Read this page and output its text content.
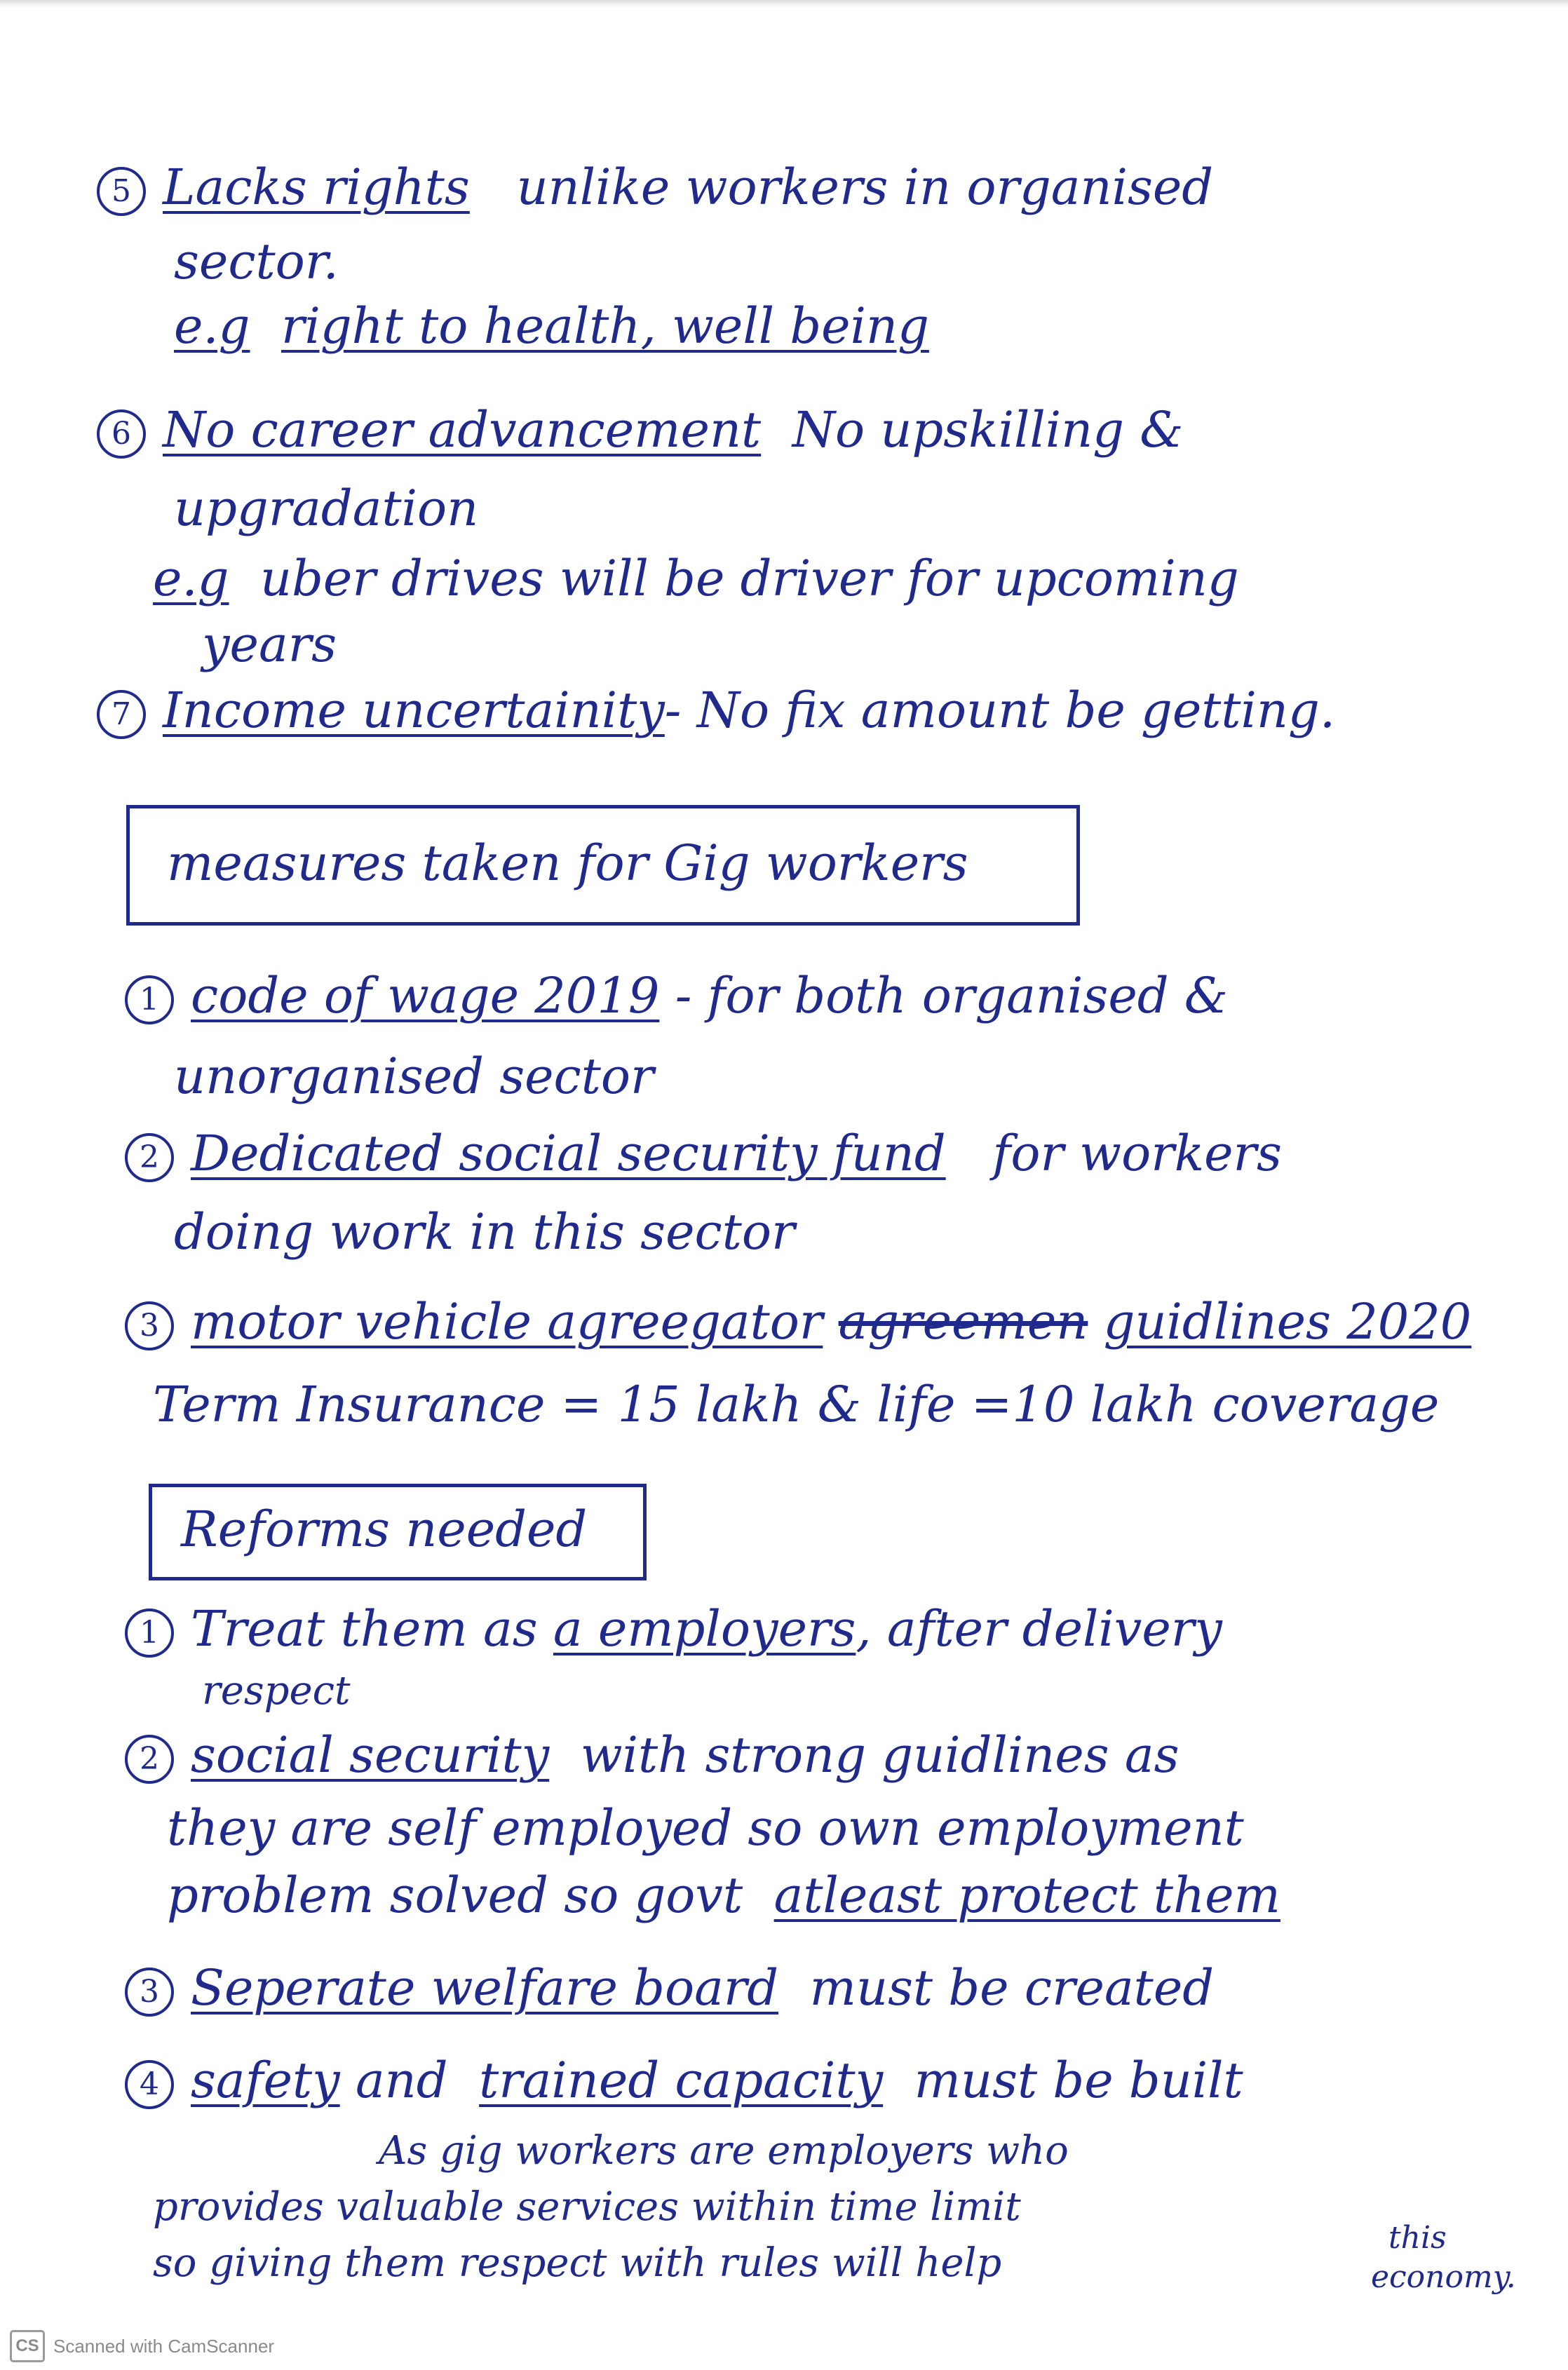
5 Lacks rights unlike workers in organised
sector.
e.g right to health, well being
6 No career advancement No upskilling &
upgradation
e.g uber drives will be driver for upcoming
years
7 Income uncertainity- No fix amount be getting.
measures taken for Gig workers
1 code of wage 2019 - for both organised &
unorganised sector
2 Dedicated social security fund for workers
doing work in this sector
3 motor vehicle agreegator agreemen guidlines 2020
Term Insurance = 15 lakh & life =10 lakh coverage
Reforms needed
1 Treat them as a employers, after delivery
respect
2 social security with strong guidlines as
they are self employed so own employment
problem solved so govt atleast protect them
3 Seperate welfare board must be created
4 safety and trained capacity must be built
As gig workers are employers who
provides valuable services within time limit
so giving them respect with rules will help
this
economy.
CS Scanned with CamScanner
